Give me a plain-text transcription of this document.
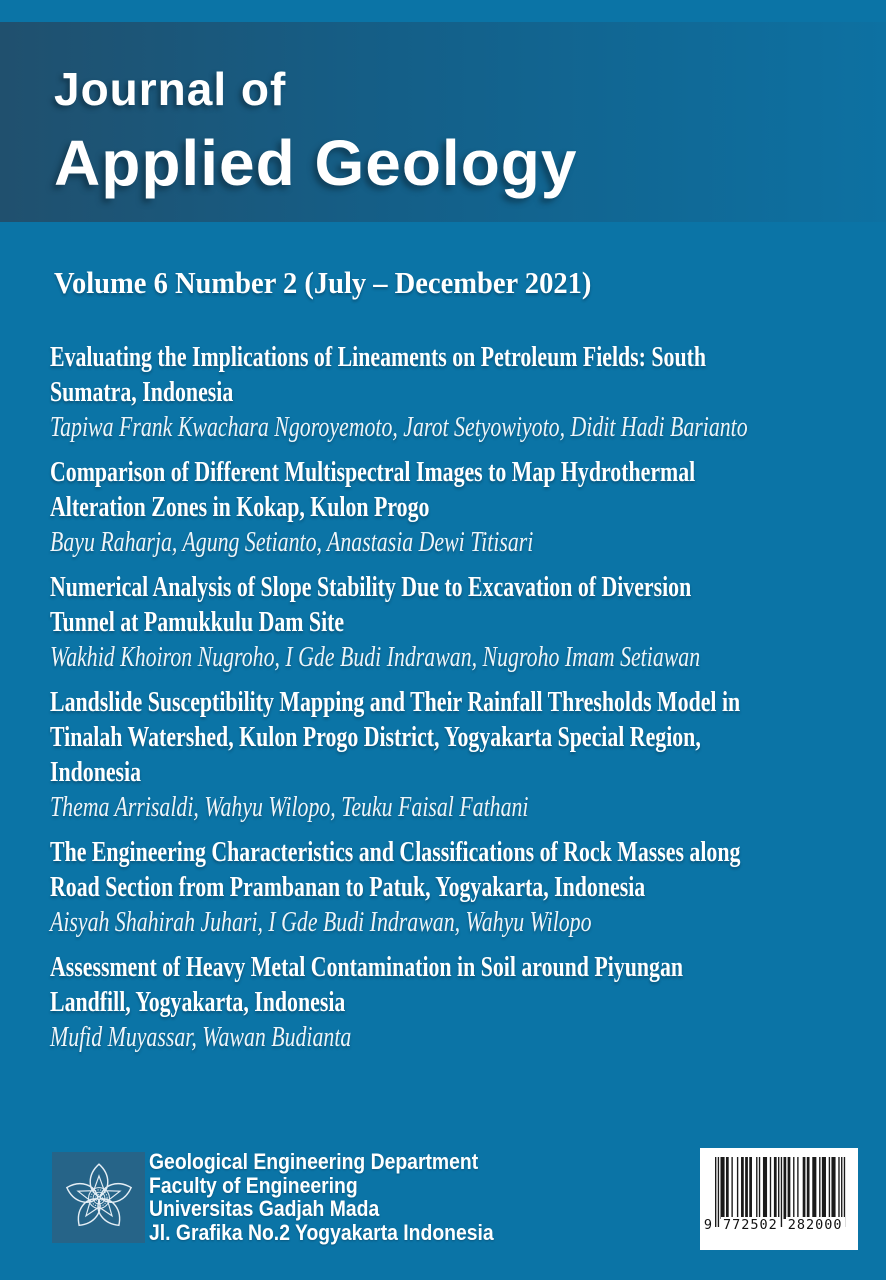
Journal of
Applied Geology
Volume 6 Number 2 (July – December 2021)
Evaluating the Implications of Lineaments on Petroleum Fields: South
Sumatra, Indonesia
Tapiwa Frank Kwachara Ngoroyemoto, Jarot Setyowiyoto, Didit Hadi Barianto
Comparison of Different Multispectral Images to Map Hydrothermal
Alteration Zones in Kokap, Kulon Progo
Bayu Raharja, Agung Setianto, Anastasia Dewi Titisari
Numerical Analysis of Slope Stability Due to Excavation of Diversion
Tunnel at Pamukkulu Dam Site
Wakhid Khoiron Nugroho, I Gde Budi Indrawan, Nugroho Imam Setiawan
Landslide Susceptibility Mapping and Their Rainfall Thresholds Model in
Tinalah Watershed, Kulon Progo District, Yogyakarta Special Region,
Indonesia
Thema Arrisaldi, Wahyu Wilopo, Teuku Faisal Fathani
The Engineering Characteristics and Classifications of Rock Masses along
Road Section from Prambanan to Patuk, Yogyakarta, Indonesia
Aisyah Shahirah Juhari, I Gde Budi Indrawan, Wahyu Wilopo
Assessment of Heavy Metal Contamination in Soil around Piyungan
Landfill, Yogyakarta, Indonesia
Mufid Muyassar, Wawan Budianta
Geological Engineering Department
Faculty of Engineering
Universitas Gadjah Mada
Jl. Grafika No.2 Yogyakarta Indonesia	9 772502 282000
